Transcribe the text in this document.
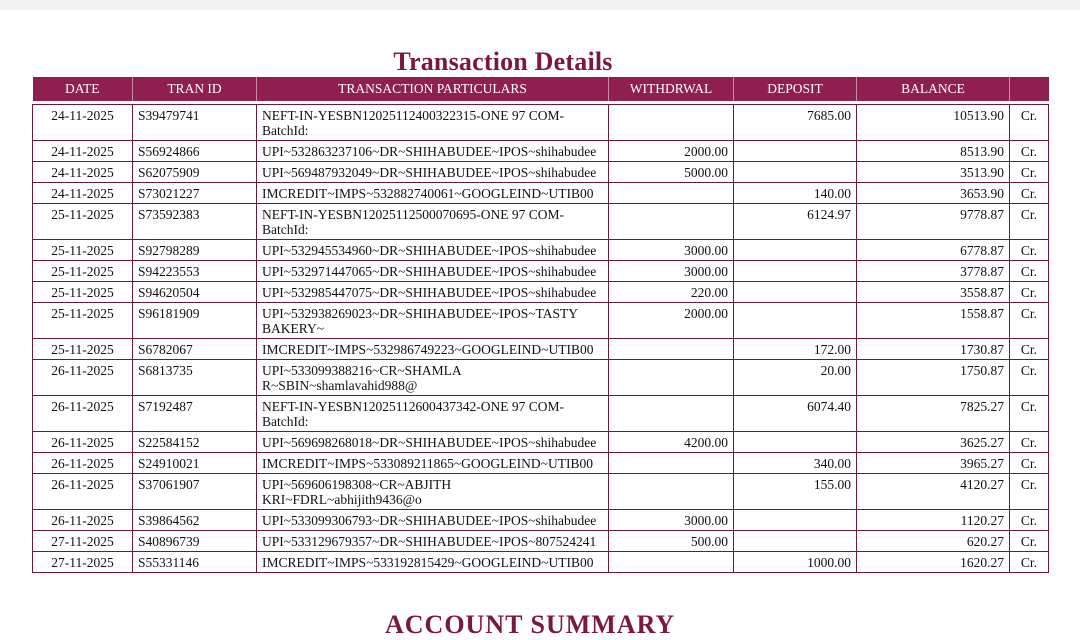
Transaction Details
DATE	TRAN ID	TRANSACTION PARTICULARS	WITHDRWAL	DEPOSIT	BALANCE	

24-11-2025	S39479741	NEFT-IN-YESBN12025112400322315-ONE 97 COM-
BatchId:		7685.00	10513.90	Cr.
24-11-2025	S56924866	UPI~532863237106~DR~SHIHABUDEE~IPOS~shihabudee	2000.00		8513.90	Cr.
24-11-2025	S62075909	UPI~569487932049~DR~SHIHABUDEE~IPOS~shihabudee	5000.00		3513.90	Cr.
24-11-2025	S73021227	IMCREDIT~IMPS~532882740061~GOOGLEIND~UTIB00		140.00	3653.90	Cr.
25-11-2025	S73592383	NEFT-IN-YESBN12025112500070695-ONE 97 COM-
BatchId:		6124.97	9778.87	Cr.
25-11-2025	S92798289	UPI~532945534960~DR~SHIHABUDEE~IPOS~shihabudee	3000.00		6778.87	Cr.
25-11-2025	S94223553	UPI~532971447065~DR~SHIHABUDEE~IPOS~shihabudee	3000.00		3778.87	Cr.
25-11-2025	S94620504	UPI~532985447075~DR~SHIHABUDEE~IPOS~shihabudee	220.00		3558.87	Cr.
25-11-2025	S96181909	UPI~532938269023~DR~SHIHABUDEE~IPOS~TASTY
BAKERY~	2000.00		1558.87	Cr.
25-11-2025	S6782067	IMCREDIT~IMPS~532986749223~GOOGLEIND~UTIB00		172.00	1730.87	Cr.
26-11-2025	S6813735	UPI~533099388216~CR~SHAMLA
R~SBIN~shamlavahid988@		20.00	1750.87	Cr.
26-11-2025	S7192487	NEFT-IN-YESBN12025112600437342-ONE 97 COM-
BatchId:		6074.40	7825.27	Cr.
26-11-2025	S22584152	UPI~569698268018~DR~SHIHABUDEE~IPOS~shihabudee	4200.00		3625.27	Cr.
26-11-2025	S24910021	IMCREDIT~IMPS~533089211865~GOOGLEIND~UTIB00		340.00	3965.27	Cr.
26-11-2025	S37061907	UPI~569606198308~CR~ABJITH
KRI~FDRL~abhijith9436@o		155.00	4120.27	Cr.
26-11-2025	S39864562	UPI~533099306793~DR~SHIHABUDEE~IPOS~shihabudee	3000.00		1120.27	Cr.
27-11-2025	S40896739	UPI~533129679357~DR~SHIHABUDEE~IPOS~807524241	500.00		620.27	Cr.
27-11-2025	S55331146	IMCREDIT~IMPS~533192815429~GOOGLEIND~UTIB00		1000.00	1620.27	Cr.
ACCOUNT SUMMARY
